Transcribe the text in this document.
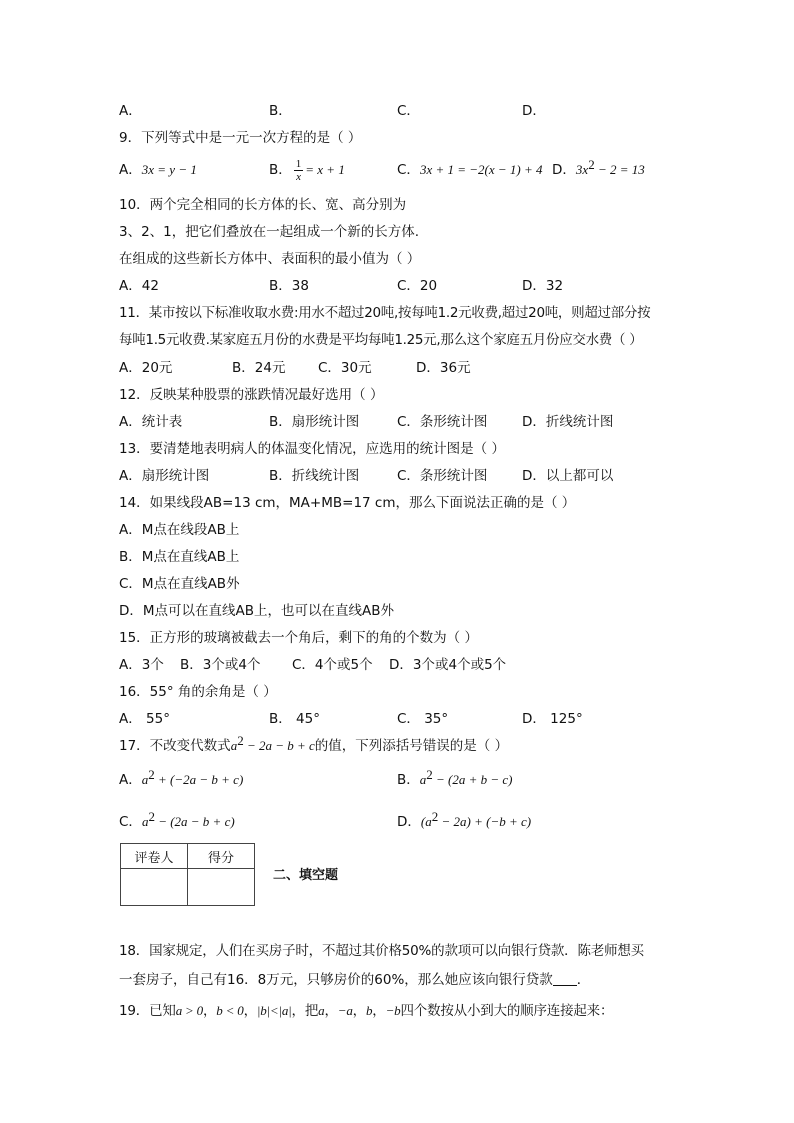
A．	B．	C．	D．
9．下列等式中是一元一次方程的是（ ）
A．3x = y − 1	B． $\frac{1}{x} = x + 1$	C．3x + 1 = −2(x − 1) + 4 D．$3x^2 - 2 = 13$
10．两个完全相同的长方体的长、宽、高分别为
3、2、1，把它们叠放在一起组成一个新的长方体.
在组成的这些新长方体中、表面积的最小值为（ ）
A．42	B．38	C．20	D．32
11．某市按以下标准收取水费:用水不超过20吨,按每吨1.2元收费,超过20吨，则超过部分按
每吨1.5元收费.某家庭五月份的水费是平均每吨1.25元,那么这个家庭五月份应交水费（ ）
A．20元	B．24元 C．30元	D．36元
12．反映某种股票的涨跌情况最好选用（ ）
A．统计表	B．扇形统计图	C．条形统计图	D．折线统计图
13．要清楚地表明病人的体温变化情况，应选用的统计图是（ ）
A．扇形统计图	B．折线统计图	C．条形统计图	D．以上都可以
14．如果线段AB=13 cm，MA+MB=17 cm，那么下面说法正确的是（ ）
A．M点在线段AB上
B．M点在直线AB上
C．M点在直线AB外
D．M点可以在直线AB上，也可以在直线AB外
15．正方形的玻璃被截去一个角后，剩下的角的个数为（ ）
A．3个 B．3个或4个 C．4个或5个 D．3个或4个或5个
16．55° 角的余角是（ ）
A． 55°	B． 45°	C． 35°	D． 125°
17．不改变代数式$a^2 - 2a - b + c$的值，下列添括号错误的是（ ）
A．$a^2 + (-2a - b + c)$	B．$a^2 - (2a + b - c)$
C．$a^2 - (2a - b + c)$	D．$(a^2 - 2a) + (-b + c)$
评卷人	得分

二、填空题
18．国家规定，人们在买房子时，不超过其价格50%的款项可以向银行贷款．陈老师想买
一套房子，自己有16．8万元，只够房价的60%，那么她应该向银行贷款 ．
19．已知a > 0，b < 0，|b|<|a|，把a，−a，b，−b四个数按从小到大的顺序连接起来：
